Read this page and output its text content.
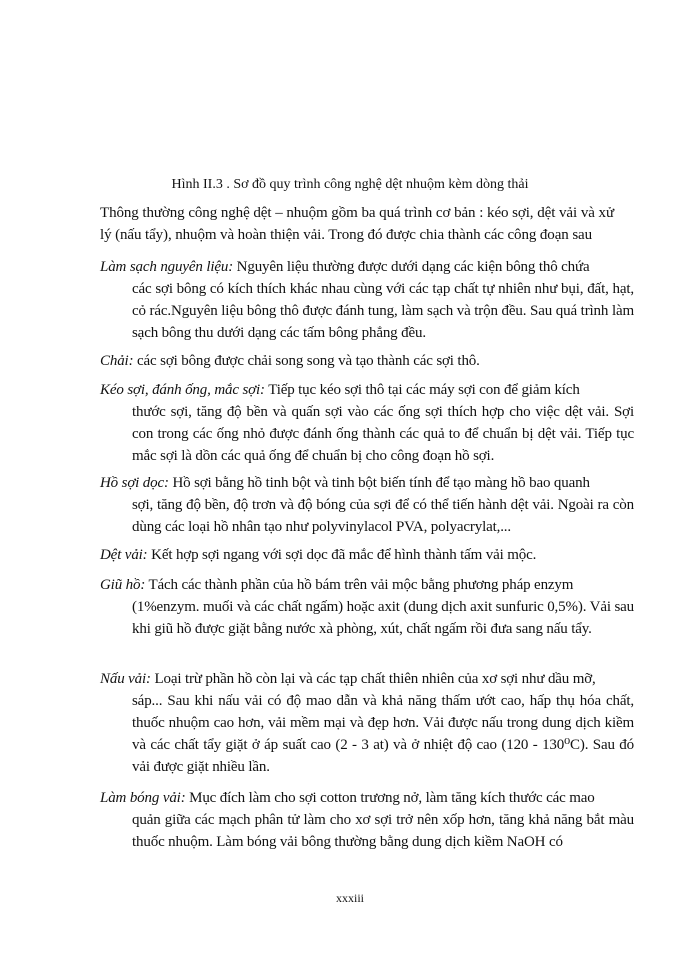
Hình II.3 . Sơ đồ quy trình công nghệ dệt nhuộm kèm dòng thải

Thông thường công nghệ dệt – nhuộm gồm ba quá trình cơ bản : kéo sợi, dệt vải và xử lý (nấu tẩy), nhuộm và hoàn thiện vải. Trong đó được chia thành các công đoạn sau

Làm sạch nguyên liệu: Nguyên liệu thường được dưới dạng các kiện bông thô chứa
các sợi bông có kích thích khác nhau cùng với các tạp chất tự nhiên như bụi, đất, hạt, cỏ rác.Nguyên liệu bông thô được đánh tung, làm sạch và trộn đều. Sau quá trình làm sạch bông thu dưới dạng các tấm bông phẳng đều.

Chải: các sợi bông được chải song song và tạo thành các sợi thô.

Kéo sợi, đánh ống, mắc sợi: Tiếp tục kéo sợi thô tại các máy sợi con để giảm kích
thước sợi, tăng độ bền và quấn sợi vào các ống sợi thích hợp cho việc dệt vải. Sợi con trong các ống nhỏ được đánh ống thành các quả to để chuẩn bị dệt vải. Tiếp tục mắc sợi là dồn các quả ống để chuẩn bị cho công đoạn hồ sợi.

Hồ sợi dọc: Hồ sợi bằng hồ tinh bột và tinh bột biến tính để tạo màng hồ bao quanh
sợi, tăng độ bền, độ trơn và độ bóng của sợi để có thể tiến hành dệt vải. Ngoài ra còn dùng các loại hồ nhân tạo như polyvinylacol PVA, polyacrylat,...

Dệt vải: Kết hợp sợi ngang với sợi dọc đã mắc để hình thành tấm vải mộc.

Giũ hồ: Tách các thành phần của hồ bám trên vải mộc bằng phương pháp enzym
(1%enzym. muối và các chất ngấm) hoặc axit (dung dịch axit sunfuric 0,5%). Vải sau khi giũ hồ được giặt bằng nước xà phòng, xút, chất ngấm rồi đưa sang nấu tẩy.

Nấu vải: Loại trừ phần hồ còn lại và các tạp chất thiên nhiên của xơ sợi như dầu mỡ,
sáp... Sau khi nấu vải có độ mao dẫn và khả năng thấm ướt cao, hấp thụ hóa chất, thuốc nhuộm cao hơn, vải mềm mại và đẹp hơn. Vải được nấu trong dung dịch kiềm và các chất tẩy giặt ở áp suất cao (2 - 3 at) và ở nhiệt độ cao (120 - 130⁰C). Sau đó vải được giặt nhiều lần.

Làm bóng vải: Mục đích làm cho sợi cotton trương nở, làm tăng kích thước các mao
quản giữa các mạch phân tử làm cho xơ sợi trở nên xốp hơn, tăng khả năng bắt màu thuốc nhuộm. Làm bóng vải bông thường bằng dung dịch kiềm NaOH có

xxxiii
